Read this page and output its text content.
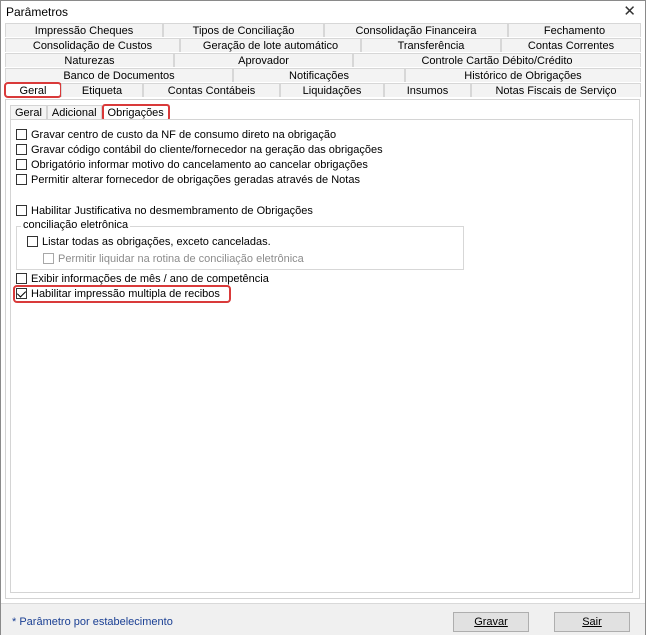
Parâmetros	✕
Impressão Cheques	Tipos de Conciliação	Consolidação Financeira	Fechamento
Consolidação de Custos	Geração de lote automático	Transferência	Contas Correntes
Naturezas	Aprovador	Controle Cartão Débito/Crédito
Banco de Documentos	Notificações	Histórico de Obrigações
Geral	Etiqueta	Contas Contábeis	Liquidações	Insumos	Notas Fiscais de Serviço
Geral Adicional Obrigações
Gravar centro de custo da NF de consumo direto na obrigação
Gravar código contábil do cliente/fornecedor na geração das obrigações
Obrigatório informar motivo do cancelamento ao cancelar obrigações
Permitir alterar fornecedor de obrigações geradas através de Notas
Habilitar Justificativa no desmembramento de Obrigações
conciliação eletrônica
Listar todas as obrigações, exceto canceladas.
Permitir liquidar na rotina de conciliação eletrônica
Exibir informações de mês / ano de competência
Habilitar impressão multipla de recibos
* Parâmetro por estabelecimento	Gravar	Sair
